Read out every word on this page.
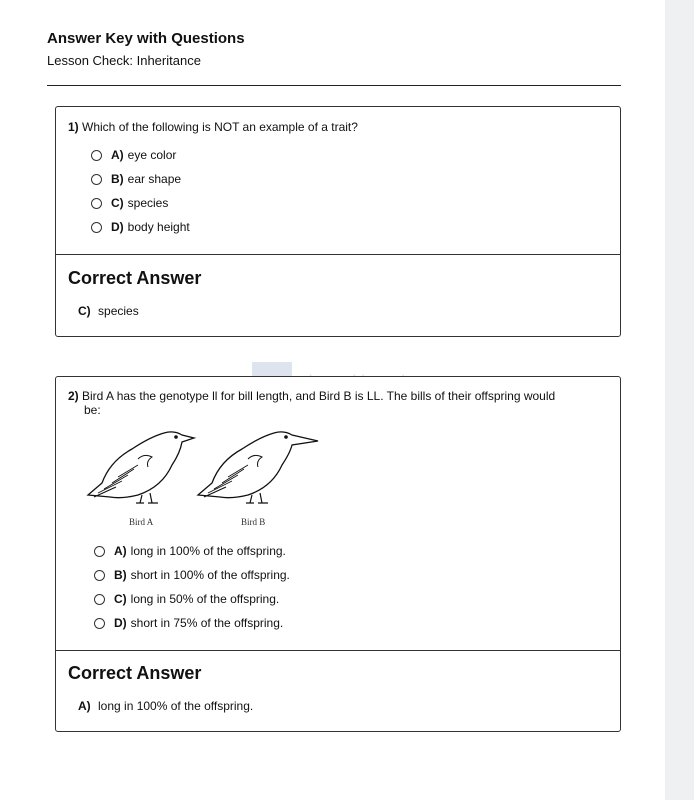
Answer Key with Questions
Lesson Check: Inheritance
1) Which of the following is NOT an example of a trait?
A) eye color
B) ear shape
C) species
D) body height
Correct Answer
C) species
2) Bird A has the genotype ll for bill length, and Bird B is LL. The bills of their offspring would
be:
Bird A	Bird B
A) long in 100% of the offspring.
B) short in 100% of the offspring.
C) long in 50% of the offspring.
D) short in 75% of the offspring.
Correct Answer
A) long in 100% of the offspring.
